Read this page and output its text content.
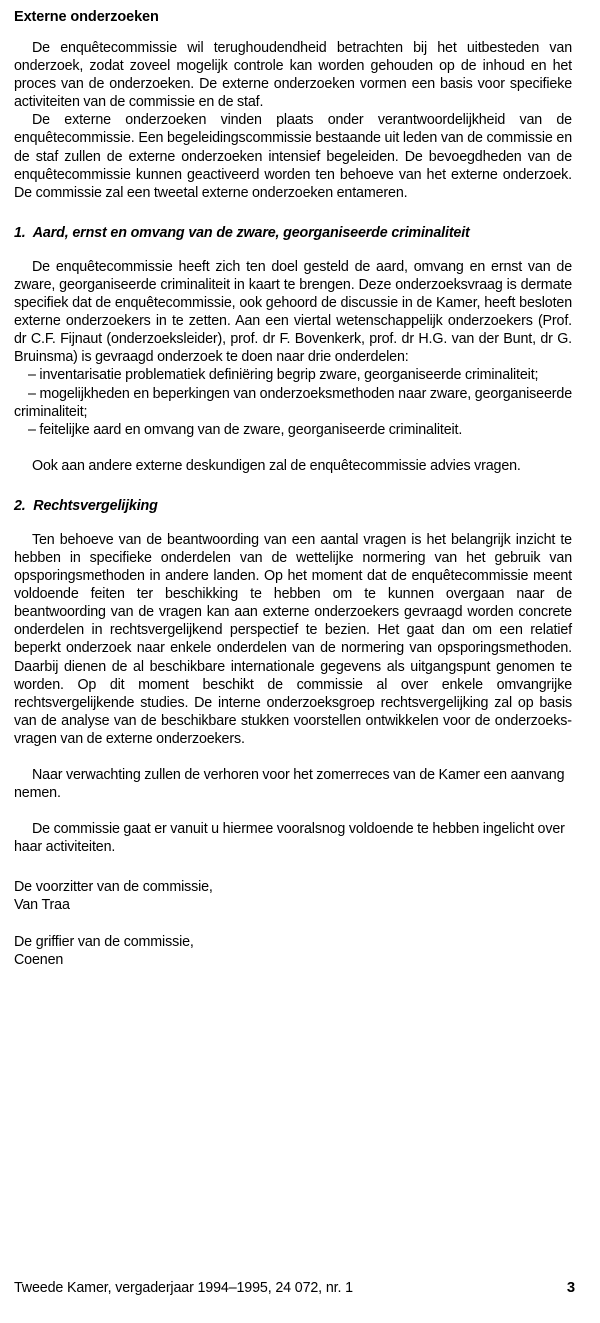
Externe onderzoeken

De enquêtecommissie wil terughoudendheid betrachten bij het uitbesteden van onderzoek, zodat zoveel mogelijk controle kan worden gehouden op de inhoud en het proces van de onderzoeken. De externe onderzoeken vormen een basis voor specifieke activiteiten van de commissie en de staf.

De externe onderzoeken vinden plaats onder verantwoordelijkheid van de enquêtecommissie. Een begeleidingscommissie bestaande uit leden van de commissie en de staf zullen de externe onderzoeken intensief begeleiden. De bevoegdheden van de enquêtecommissie kunnen geactiveerd worden ten behoeve van het externe onderzoek. De commissie zal een tweetal externe onderzoeken entameren.

1.  Aard, ernst en omvang van de zware, georganiseerde criminaliteit

De enquêtecommissie heeft zich ten doel gesteld de aard, omvang en ernst van de zware, georganiseerde criminaliteit in kaart te brengen. Deze onderzoeksvraag is dermate specifiek dat de enquêtecommissie, ook gehoord de discussie in de Kamer, heeft besloten externe onderzoekers in te zetten. Aan een viertal wetenschappelijk onderzoekers (Prof. dr C.F. Fijnaut (onderzoeksleider), prof. dr F. Bovenkerk, prof. dr H.G. van der Bunt, dr G. Bruinsma) is gevraagd onderzoek te doen naar drie onderdelen:

– inventarisatie problematiek definiëring begrip zware, georganiseerde criminaliteit;

– mogelijkheden en beperkingen van onderzoeksmethoden naar zware, georganiseerde criminaliteit;

– feitelijke aard en omvang van de zware, georganiseerde criminaliteit.

Ook aan andere externe deskundigen zal de enquêtecommissie advies vragen.

2.  Rechtsvergelijking

Ten behoeve van de beantwoording van een aantal vragen is het belangrijk inzicht te hebben in specifieke onderdelen van de wettelijke normering van het gebruik van opsporingsmethoden in andere landen. Op het moment dat de enquêtecommissie meent voldoende feiten ter beschikking te hebben om te kunnen overgaan naar de beantwoording van de vragen kan aan externe onderzoekers gevraagd worden concrete onderdelen in rechtsvergelijkend perspectief te bezien. Het gaat dan om een relatief beperkt onderzoek naar enkele onderdelen van de normering van opsporingsmethoden. Daarbij dienen de al beschikbare internationale gegevens als uitgangspunt genomen te worden. Op dit moment beschikt de commissie al over enkele omvangrijke rechtsvergelijkende studies. De interne onderzoeksgroep rechtsvergelijking zal op basis van de analyse van de beschikbare stukken voorstellen ontwikkelen voor de onderzoeksvragen van de externe onderzoekers.

Naar verwachting zullen de verhoren voor het zomerreces van de Kamer een aanvang nemen.

De commissie gaat er vanuit u hiermee vooralsnog voldoende te hebben ingelicht over haar activiteiten.

De voorzitter van de commissie,

Van Traa

De griffier van de commissie,

Coenen

Tweede Kamer, vergaderjaar 1994–1995, 24 072, nr. 1	3
